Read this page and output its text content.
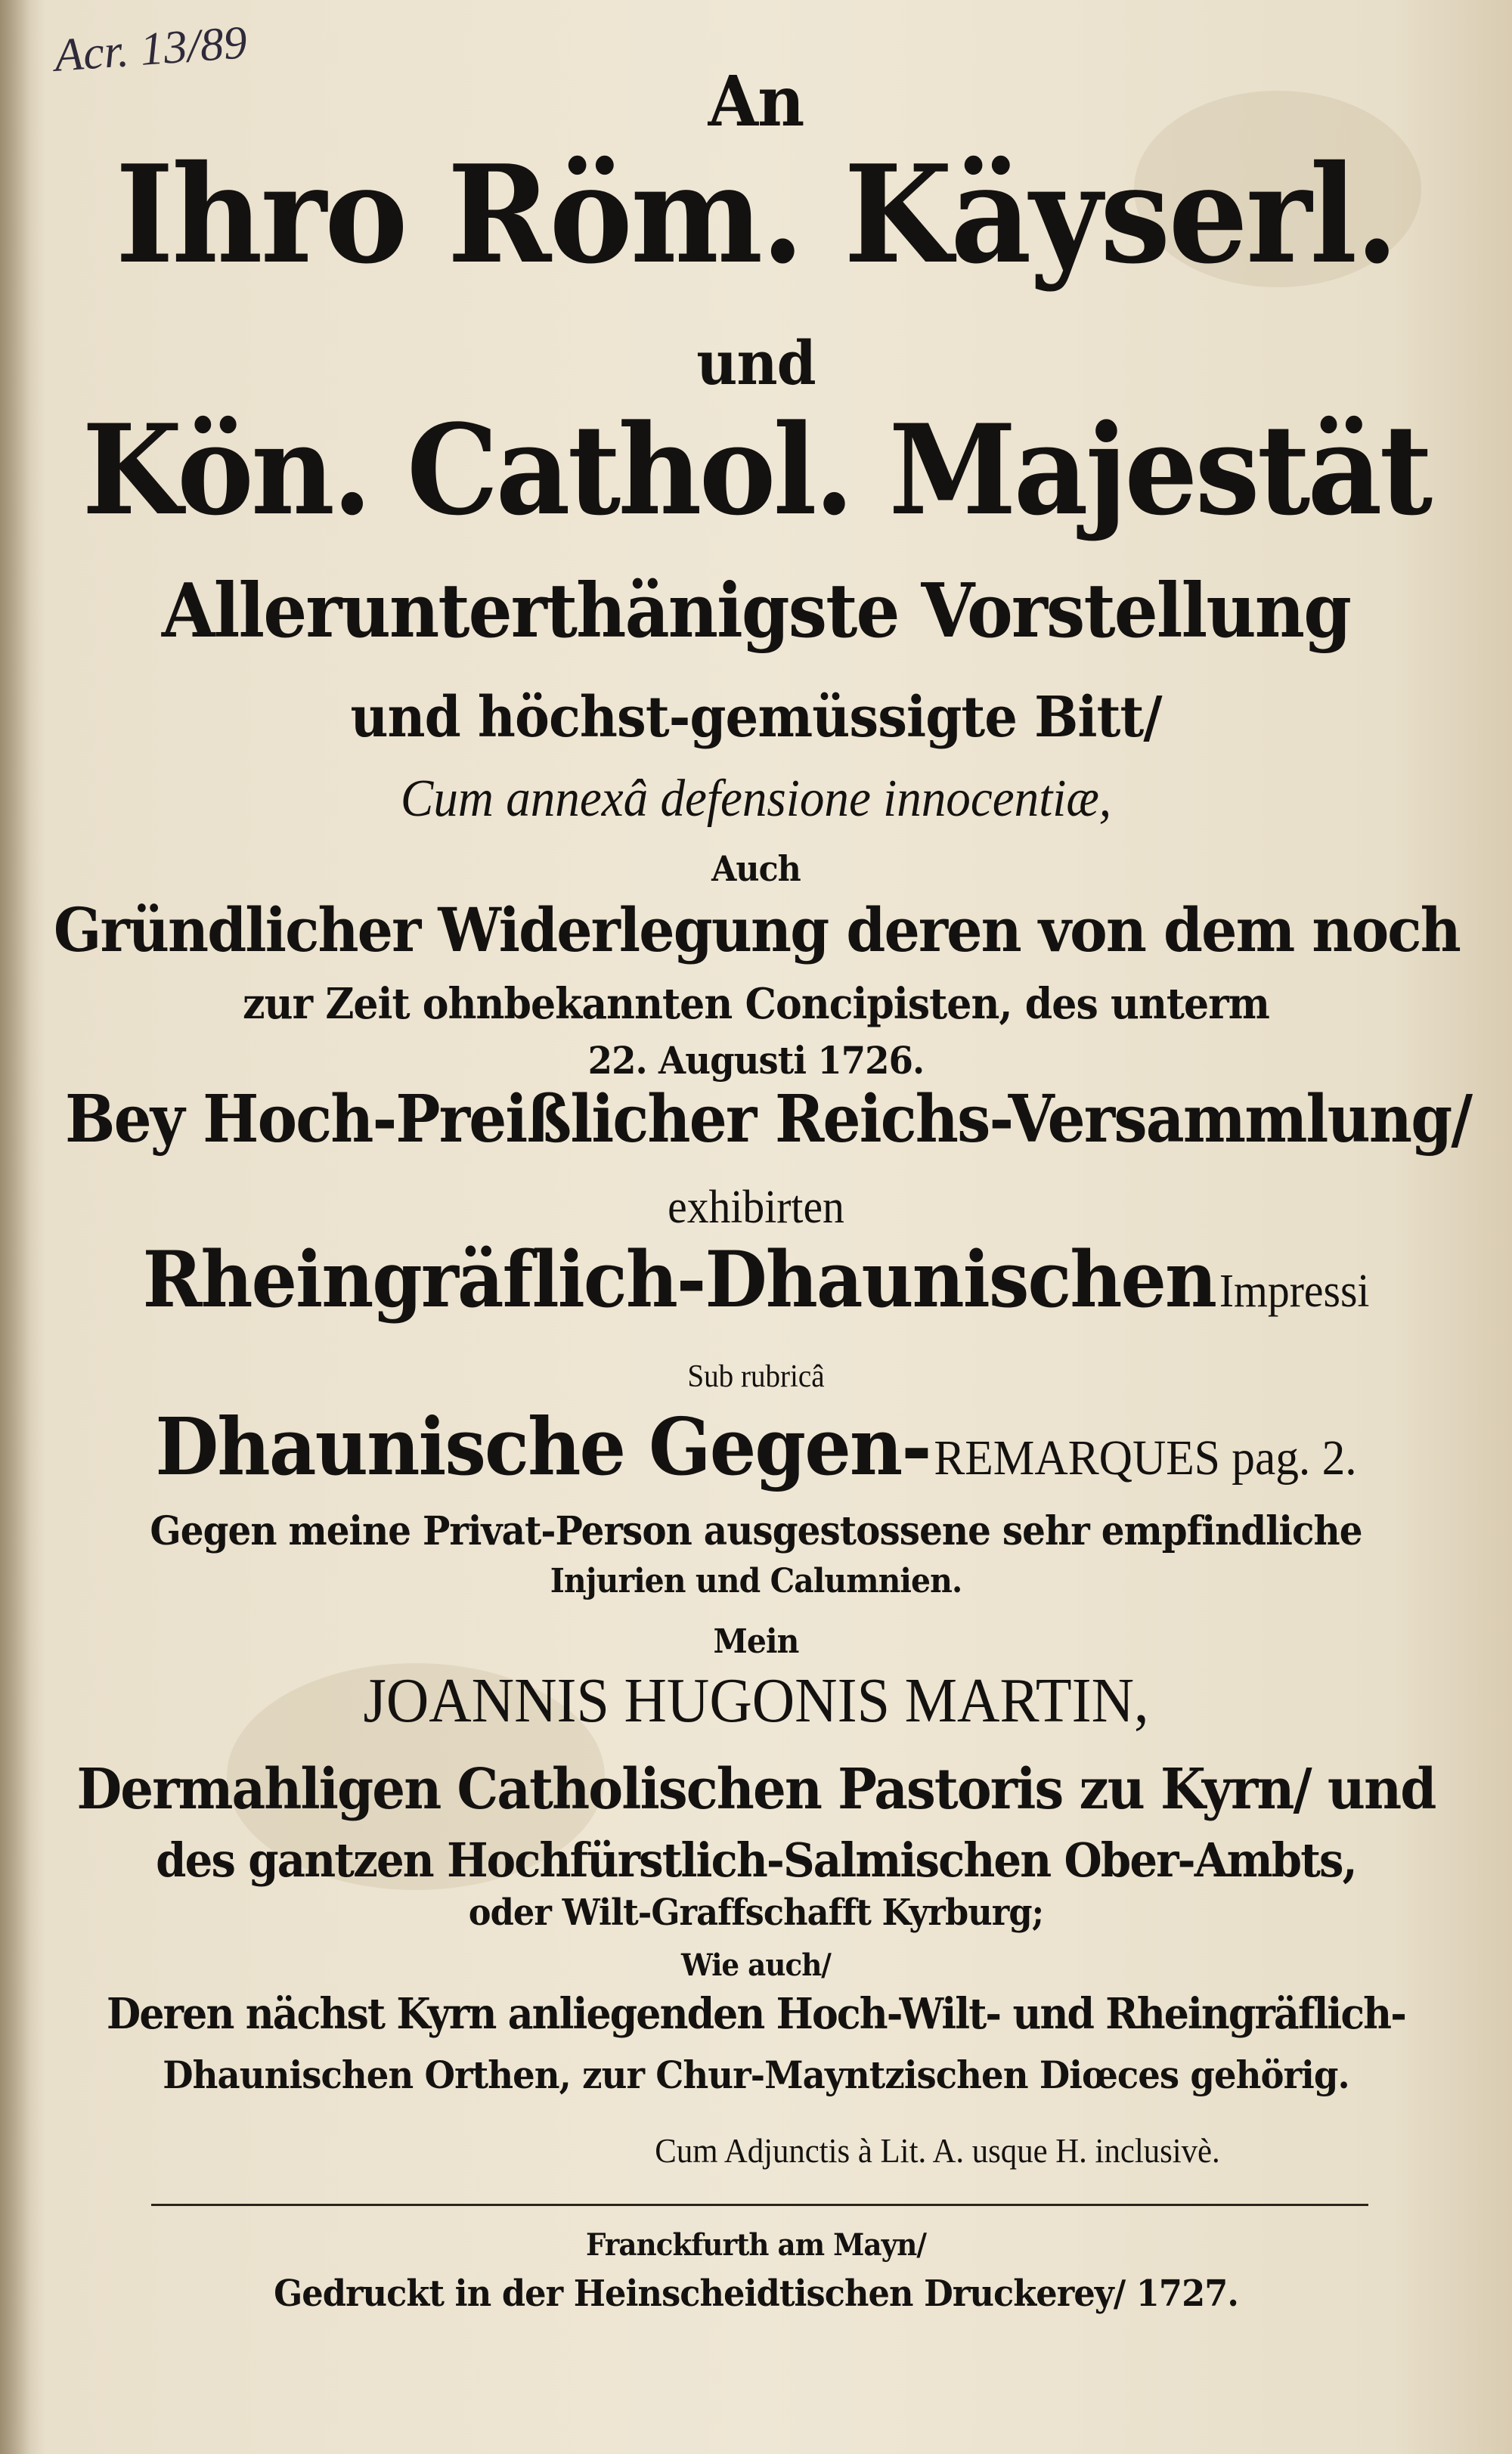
Acr. 13/89
An
Ihro Röm. Käyserl.
und
Kön. Cathol. Majestät
Allerunterthänigste Vorstellung
und höchst-gemüssigte Bitt/
Cum annexâ defensione innocentiæ,
Auch
Gründlicher Widerlegung deren von dem noch
zur Zeit ohnbekannten Concipisten, des unterm
22. Augusti 1726.
Bey Hoch-Preißlicher Reichs-Versammlung/
exhibirten
Rheingräflich-Dhaunischen Impressi
Sub rubricâ
Dhaunische Gegen- REMARQUES pag. 2.
Gegen meine Privat-Person ausgestossene sehr empfindliche
Injurien und Calumnien.
Mein
JOANNIS HUGONIS MARTIN,
Dermahligen Catholischen Pastoris zu Kyrn/ und
des gantzen Hochfürstlich-Salmischen Ober-Ambts,
oder Wilt-Graffschafft Kyrburg;
Wie auch/
Deren nächst Kyrn anliegenden Hoch-Wilt- und Rheingräflich-
Dhaunischen Orthen, zur Chur-Mayntzischen Diœces gehörig.
Cum Adjunctis à Lit. A. usque H. inclusivè.
Franckfurth am Mayn/
Gedruckt in der Heinscheidtischen Druckerey/ 1727.
